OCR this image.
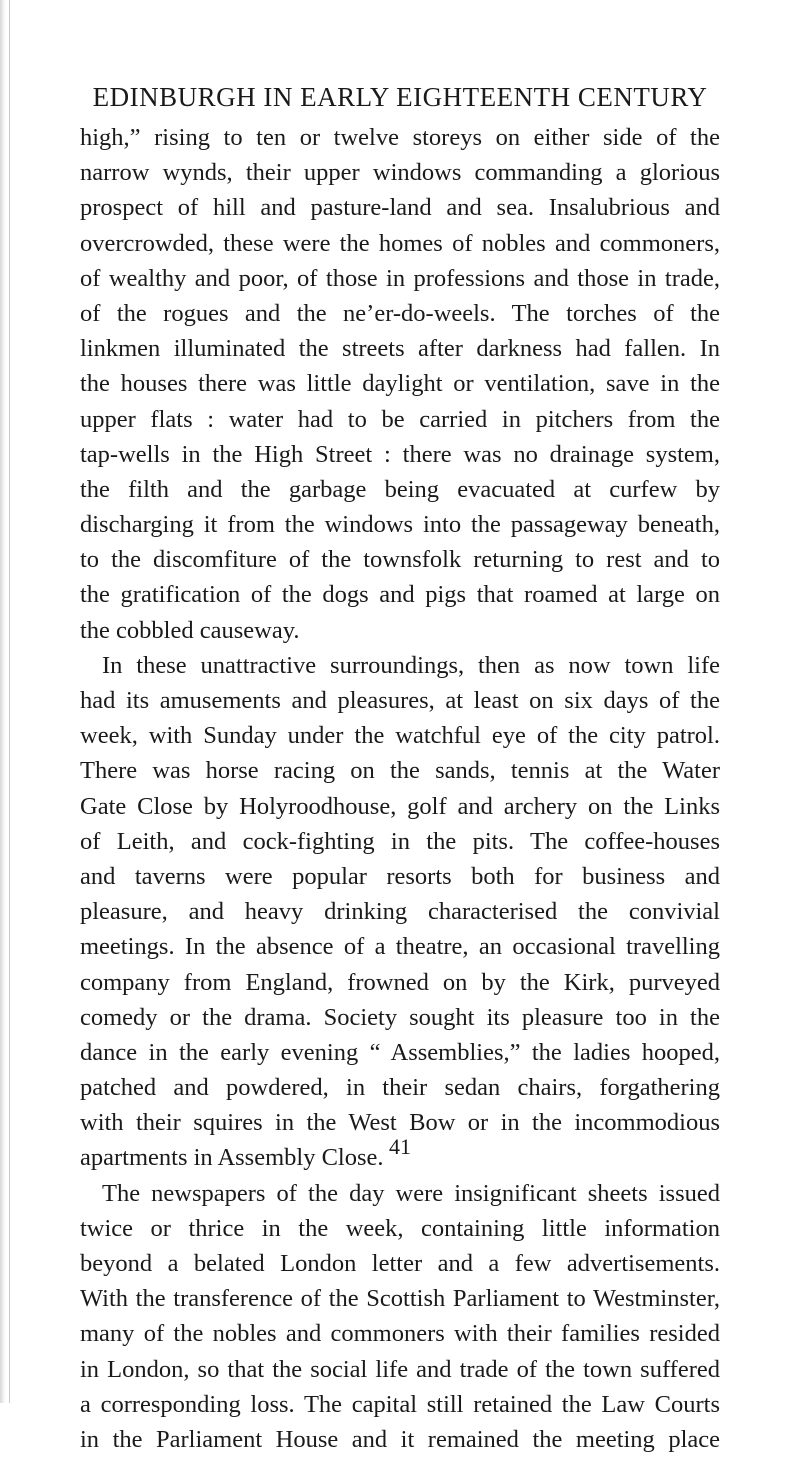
EDINBURGH IN EARLY EIGHTEENTH CENTURY
high,” rising to ten or twelve storeys on either side of the
narrow wynds, their upper windows commanding a glorious
prospect of hill and pasture-land and sea. Insalubrious and
overcrowded, these were the homes of nobles and commoners,
of wealthy and poor, of those in professions and those in trade,
of the rogues and the ne’er-do-weels. The torches of the
linkmen illuminated the streets after darkness had fallen. In
the houses there was little daylight or ventilation, save in the
upper flats : water had to be carried in pitchers from the
tap-wells in the High Street : there was no drainage system,
the filth and the garbage being evacuated at curfew by
discharging it from the windows into the passageway beneath,
to the discomfiture of the townsfolk returning to rest and to
the gratification of the dogs and pigs that roamed at large on
the cobbled causeway.
In these unattractive surroundings, then as now town life
had its amusements and pleasures, at least on six days of the
week, with Sunday under the watchful eye of the city patrol.
There was horse racing on the sands, tennis at the Water
Gate Close by Holyroodhouse, golf and archery on the Links
of Leith, and cock-fighting in the pits. The coffee-houses
and taverns were popular resorts both for business and
pleasure, and heavy drinking characterised the convivial
meetings. In the absence of a theatre, an occasional travelling
company from England, frowned on by the Kirk, purveyed
comedy or the drama. Society sought its pleasure too in the
dance in the early evening “ Assemblies,” the ladies hooped,
patched and powdered, in their sedan chairs, forgathering
with their squires in the West Bow or in the incommodious
apartments in Assembly Close.
The newspapers of the day were insignificant sheets issued
twice or thrice in the week, containing little information
beyond a belated London letter and a few advertisements.
With the transference of the Scottish Parliament to Westminster,
many of the nobles and commoners with their families resided
in London, so that the social life and trade of the town suffered
a corresponding loss. The capital still retained the Law Courts
in the Parliament House and it remained the meeting place
41
